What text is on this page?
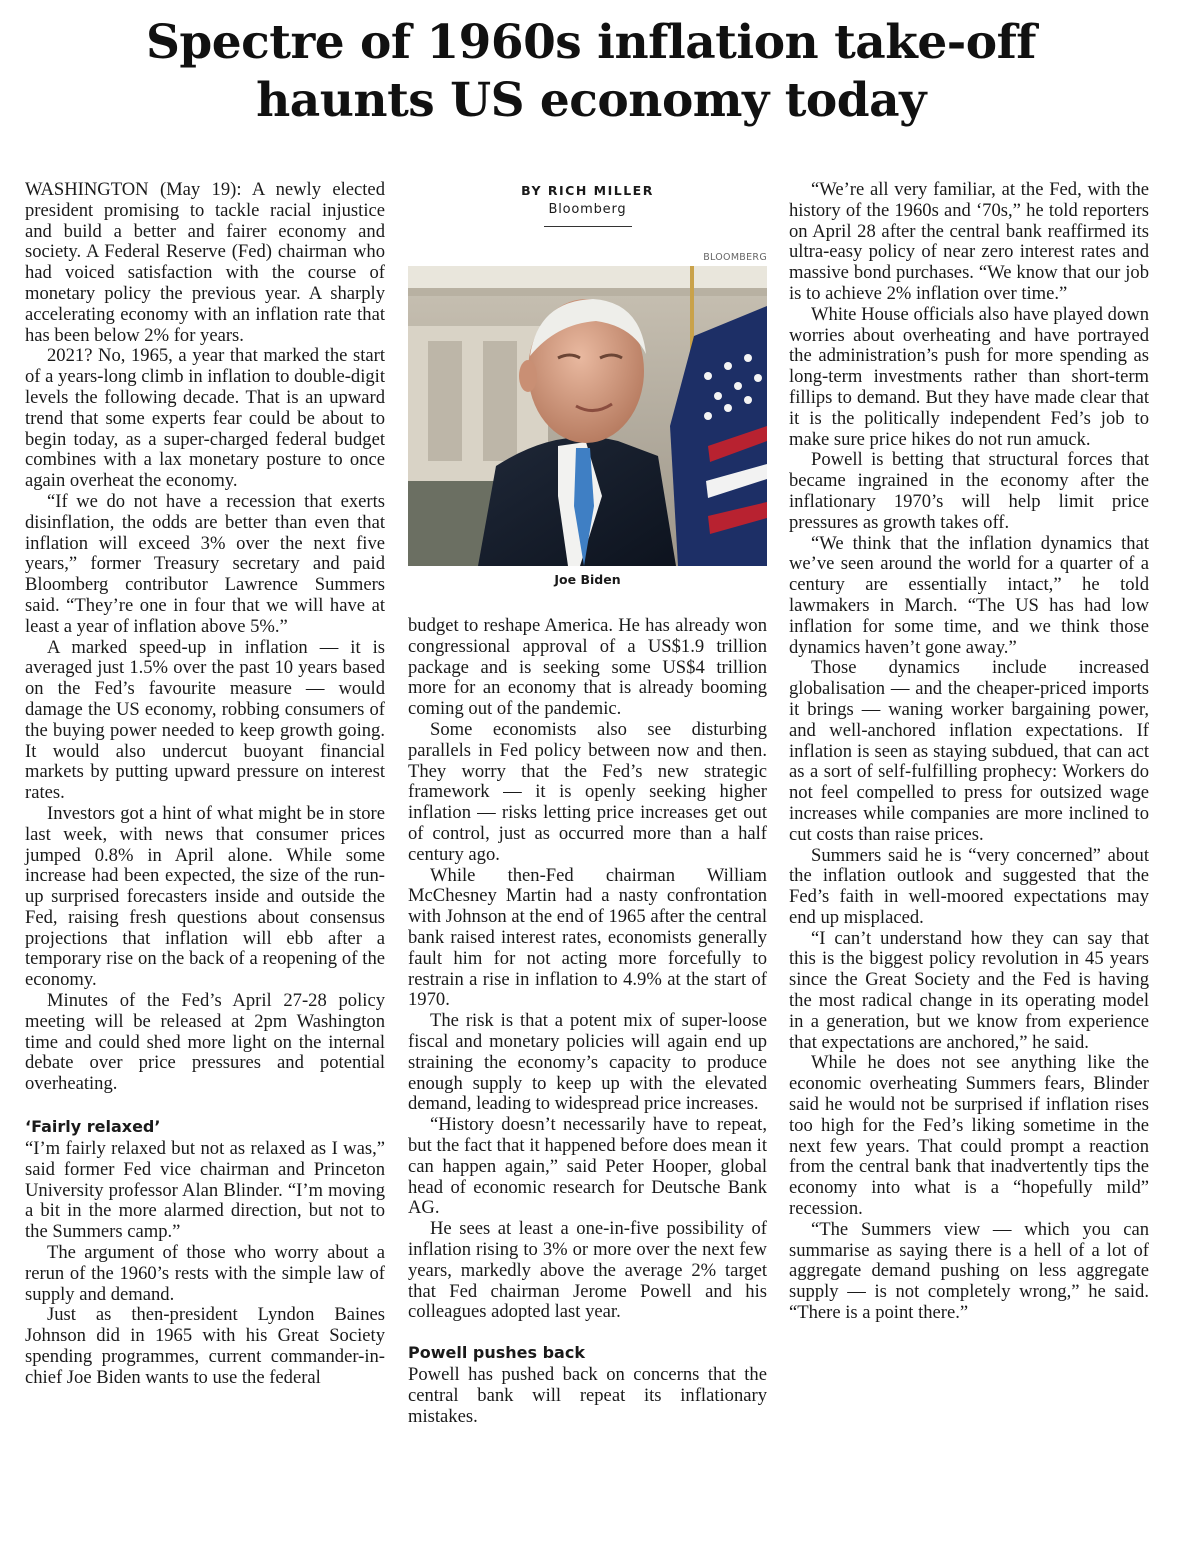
Spectre of 1960s inflation take-off
haunts US economy today

WASHINGTON (May 19): A newly elected president promising to tackle racial injustice and build a better and fairer economy and society. A Federal Reserve (Fed) chairman who had voiced satisfaction with the course of monetary policy the previous year. A sharply accelerating economy with an inflation rate that has been below 2% for years.

2021? No, 1965, a year that marked the start of a years-long climb in inflation to double-digit levels the following decade. That is an upward trend that some experts fear could be about to begin today, as a super-charged federal budget combines with a lax monetary posture to once again overheat the economy.

“If we do not have a recession that exerts disinflation, the odds are better than even that inflation will exceed 3% over the next five years,” former Treasury secretary and paid Bloomberg contributor Lawrence Summers said. “They’re one in four that we will have at least a year of inflation above 5%.”

A marked speed-up in inflation — it is averaged just 1.5% over the past 10 years based on the Fed’s favourite measure — would damage the US economy, robbing consumers of the buying power needed to keep growth going. It would also undercut buoyant financial markets by putting upward pressure on interest rates.

Investors got a hint of what might be in store last week, with news that consumer prices jumped 0.8% in April alone. While some increase had been expected, the size of the run-up surprised forecasters inside and outside the Fed, raising fresh questions about consensus projections that inflation will ebb after a temporary rise on the back of a reopening of the economy.

Minutes of the Fed’s April 27-28 policy meeting will be released at 2pm Washington time and could shed more light on the internal debate over price pressures and potential overheating.

‘Fairly relaxed’

“I’m fairly relaxed but not as relaxed as I was,” said former Fed vice chairman and Princeton University professor Alan Blinder. “I’m moving a bit in the more alarmed direction, but not to the Summers camp.”

The argument of those who worry about a rerun of the 1960’s rests with the simple law of supply and demand.

Just as then-president Lyndon Baines Johnson did in 1965 with his Great Society spending programmes, current commander-in-chief Joe Biden wants to use the federal

BY RICH MILLER
Bloomberg
BLOOMBERG
Joe Biden

budget to reshape America. He has already won congressional approval of a US$1.9 trillion package and is seeking some US$4 trillion more for an economy that is already booming coming out of the pandemic.

Some economists also see disturbing parallels in Fed policy between now and then. They worry that the Fed’s new strategic framework — it is openly seeking higher inflation — risks letting price increases get out of control, just as occurred more than a half century ago.

While then-Fed chairman William McChesney Martin had a nasty confrontation with Johnson at the end of 1965 after the central bank raised interest rates, economists generally fault him for not acting more forcefully to restrain a rise in inflation to 4.9% at the start of 1970.

The risk is that a potent mix of super-loose fiscal and monetary policies will again end up straining the economy’s capacity to produce enough supply to keep up with the elevated demand, leading to widespread price increases.

“History doesn’t necessarily have to repeat, but the fact that it happened before does mean it can happen again,” said Peter Hooper, global head of economic research for Deutsche Bank AG.

He sees at least a one-in-five possibility of inflation rising to 3% or more over the next few years, markedly above the average 2% target that Fed chairman Jerome Powell and his colleagues adopted last year.

Powell pushes back

Powell has pushed back on concerns that the central bank will repeat its inflationary mistakes.

“We’re all very familiar, at the Fed, with the history of the 1960s and ‘70s,” he told reporters on April 28 after the central bank reaffirmed its ultra-easy policy of near zero interest rates and massive bond purchases. “We know that our job is to achieve 2% inflation over time.”

White House officials also have played down worries about overheating and have portrayed the administration’s push for more spending as long-term investments rather than short-term fillips to demand. But they have made clear that it is the politically independent Fed’s job to make sure price hikes do not run amuck.

Powell is betting that structural forces that became ingrained in the economy after the inflationary 1970’s will help limit price pressures as growth takes off.

“We think that the inflation dynamics that we’ve seen around the world for a quarter of a century are essentially intact,” he told lawmakers in March. “The US has had low inflation for some time, and we think those dynamics haven’t gone away.”

Those dynamics include increased globalisation — and the cheaper-priced imports it brings — waning worker bargaining power, and well-anchored inflation expectations. If inflation is seen as staying subdued, that can act as a sort of self-fulfilling prophecy: Workers do not feel compelled to press for outsized wage increases while companies are more inclined to cut costs than raise prices.

Summers said he is “very concerned” about the inflation outlook and suggested that the Fed’s faith in well-moored expectations may end up misplaced.

“I can’t understand how they can say that this is the biggest policy revolution in 45 years since the Great Society and the Fed is having the most radical change in its operating model in a generation, but we know from experience that expectations are anchored,” he said.

While he does not see anything like the economic overheating Summers fears, Blinder said he would not be surprised if inflation rises too high for the Fed’s liking sometime in the next few years. That could prompt a reaction from the central bank that inadvertently tips the economy into what is a “hopefully mild” recession.

“The Summers view — which you can summarise as saying there is a hell of a lot of aggregate demand pushing on less aggregate supply — is not completely wrong,” he said. “There is a point there.”
